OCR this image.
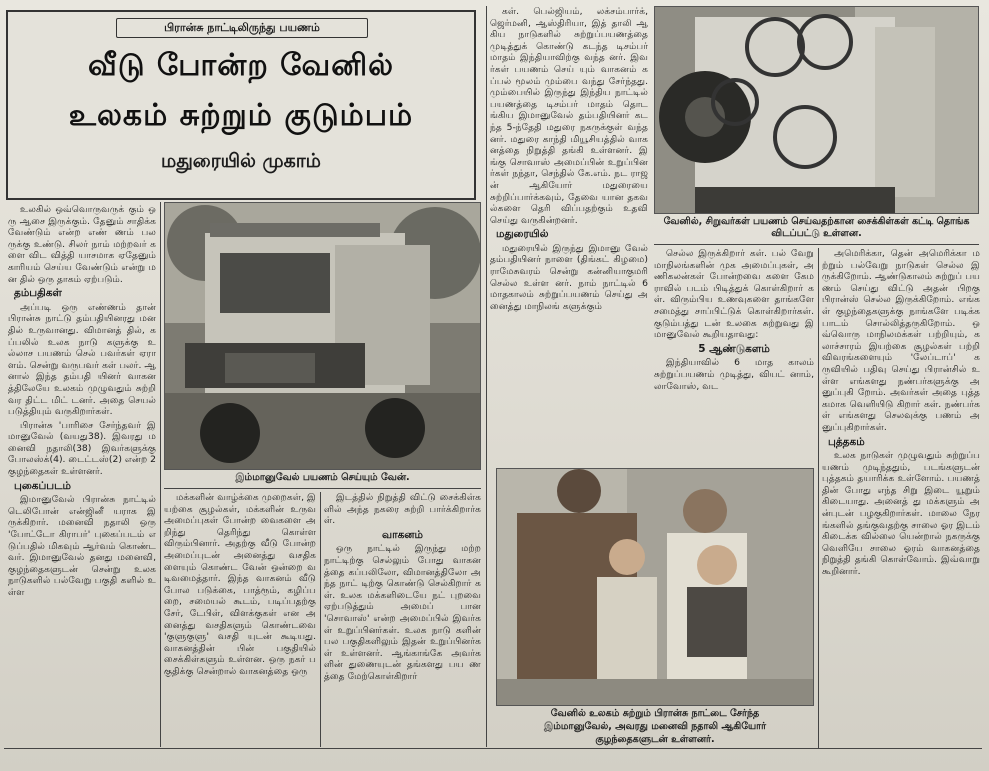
பிரான்சு நாட்டிலிருந்து பயணம்
வீடு போன்ற வேனில்
உலகம் சுற்றும் குடும்பம்
மதுரையில் முகாம்

உலகில் ஒவ்வொருவருக் கும் ஒரு ஆசை இருக்கும். தேனும் சாதிக்க வேண்டும் என்ற எண் ணம் பலருக்கு உண்டு. சிலர் நாம் மற்றவர் களை விட வித்தி யாசமாக ஏதேனும் காரியம் செய்ய வேண்டும் என்று மன தில் ஒரு தாகம் ஏற்படும்.

தம்பதிகள்

அப்படி ஒரு எண்ணம் தான் பிரான்சு நாட்டு தம்பதியினரது மனதில் உருவானது. விமானத் தில், கப்பலில் உலக நாடு களுக்கு உல்லாச பயணம் செல் பவர்கள் ஏரா ளம். சென்று வருபவர் கள் பலர். ஆனால் இந்த தம்பதி யினர் வாகனத்திலேயே உலகம் முழுவதும் சுற்றி வர திட்ட மிட் டனர். அதை செயல் படுத்தியும் வருகிறார்கள்.

பிரான்சு 'பாரிசை சேர்ந்தவர் இமானுவேல் (வயது38). இவரது மனைவி நதாலி(38) இவர்களுக்கு போலஸ்க்(4). டைட்டஸ்(2) என்ற 2 குழந்தைகள் உள்ளனர்.

புகைப்படம்

இமானுவேல் பிரான்சு நாட்டில் டெலிபோன் என்ஜினீ யராக இருக்கிறார். மனைவி நதாலி ஒரு 'போட்டோ கிராபர்' புகைப்படம் எடுப்பதில் மிகவும் ஆர்வம் கொண்ட வர். இமானுவேல் தனது மனைவி, குழந்தைகளுடன் சென்று உலக நாடுகளில் பல்வேறு பகுதி களில் உள்ள

இம்மானுவேல் பயணம் செய்யும் வேன்.

மக்களின் வாழ்க்கை முறைகள், இயற்கை சூழல்கள், மக்களின் உருவ அமைப்புகள் போன்ற வைகளை அறிந்து தெரிந்து கொள்ள விரும்பினார். அதற்கு வீடு போன்ற அமைப்புடன் அனைத்து வசதிகளையும் கொண்ட வேன் ஒன்றை வடிவமைத்தார். இந்த வாகனம் வீடு போல படுக்கை, பாத்ரூம், கழிப்பறை, சமையல் கூடம், படிப்பதற்கு சேர், டேபிள், விளக்குகள் என அனைத்து வசதிகளும் கொண்டவை 'குளுகுளு' வசதி யுடன் கூடியது. வாகனத்தின் பின் பகுதியில் சைக்கிள்களும் உள்ளன. ஒரு நகர் பகுதிக்கு சென்றால் வாகனத்தை ஒரு

இடத்தில் நிறுத்தி விட்டு சைக்கிள்களில் அந்த நகரை சுற்றி பார்க்கிறார்கள்.

வாகனம்

ஒரு நாட்டில் இருந்து மற்ற நாட்டிற்கு செல்லும் போது வாகனத்தை கப்பலிலோ, விமானத்திலோ அந்த நாட் டிற்கு கொண்டு செல்கிறார் கள். உலக மக்களிடையே நட் புறவை ஏற்படுத்தும் அமைப் பான 'சொவாஸ்' என்ற அமைப்பில் இவர்கள் உறுப்பினர்கள். உலக நாடு களின் பல பகுதிகளிலும் இதன் உறுப்பினர்கள் உள்ளனர். ஆங்காங்கே அவர்களின் துணையுடன் தங்களது பய ணத்தை மேற்கொள்கிறார்

கள். பெல்ஜியம், லக்சம்பார்க், ஜெர்மனி, ஆஸ்திரியா, இத் தாலி ஆகிய நாடுகளில் சுற்றுப்பயணத்தை முடித்துக் கொண்டு கடந்த டிசம்பர் மாதம் இந்தியாவிற்கு வந்த னர். இவர்கள் பயணம் செய் யும் வாகனம் கப்பல் மூலம் மும்பை வந்து சேர்ந்தது. மும்பையில் இருந்து இந்திய நாட்டில் பயணத்தை டிசம்பர் மாதம் தொடங்கிய இமானுவேல் தம்பதியினர் கடந்த 5-ந்தேதி மதுரை நகருக்குள் வந்தனர். மதுரை காந்தி மியூசியத்தில் வாகனத்தை நிறுத்தி தங்கி உள்ளனர். இங்கு சொவாஸ் அமைப்பின் உறுப்பினர்கள் நந்தா, செந்தில் கே.எம். நட ராஜன் ஆகியோர் மதுரையை சுற்றிப்பார்க்கவும், தேவை யான தகவல்களை தெரி விப்பதற்கும் உதவி செய்து வருகின்றனர்.

மதுரையில்

மதுரையில் இருந்து இமானு வேல் தம்பதியினர் நாளை (திங்கட் கிழமை) ராமேசுவரம் சென்று கன்னியாகுமரி செல்ல உள்ள னர். நாம் நாட்டில் 6 மாதகாலம் சுற்றுப்பயணம் செய்து அனைத்து மாநிலங் களுக்கும்

வேனில், சிறுவர்கள் பயணம் செய்வதற்கான சைக்கிள்கள் கட்டி தொங்க விடப்பட்டு உள்ளன.

செல்ல இருக்கிறார் கள். பல் வேறு மாநிலங்களின் முக அமைப்புகள், அணிகலன்கள் போன்றவை களை கேமராவில் படம் பிடித்துக் கொள்கிறார் கள். விரும்பிய உணவுகளை தாங்களே சமைத்து சாப்பிட்டுக் கொள்கிறார்கள். குடும்பத்து டன் உலகை சுற்றுவது இமானுவேல் கூறியதாவது:

5 ஆண்டுகளம்

இந்தியாவில் 6 மாத காலம் சுற்றுப்பயணம் முடித்து, வியட் னாம், லாவோஸ், வட

அமெரிக்கா, தென் அமெரிக்கா மற்றும் பல்வேறு நாடுகள் செல்ல இருக்கிறோம். ஆண்டுகாலம் சுற்றுப் பயணம் செய்து விட்டு அதன் பிறகு பிரான்ஸ் செல்ல இருக்கிறோம். எங்கள் குழந்தைகளுக்கு நாங்களே படிக்க பாடம் சொல்லித்தருகிறோம். ஒவ்வொரு மாநிலமக்கள் பற்றியும், கலாச்சாரம் இயற்கை சூழல்கள் பற்றி விவரங்களையும் 'லேப்டாப்' கருவியில் பதிவு செய்து பிரான்சில் உள்ள எங்களது நண்பர்களுக்கு அனுப்புகி றோம். அவர்கள் அதை புத்தகமாக வெளியிடு கிறார் கள். நண்பர்கள் எங்களது செலவுக்கு பணம் அனுப்புகிறார்கள்.

புத்தகம்

உலக நாடுகள் முழுவதும் சுற்றுப்பயணம் முடிந்ததும், படங்களுடன் புத்தகம் தயாரிக்க உள்ளோம். பயணத் தின் போது எந்த சிறு இடை யூறும் கிடையாது. அனைத் து மக்களும் அன்புடன் பழகுகிறார்கள். மாலை நேரங்களில் தங்குவதற்கு சாலை ஓர இடம் கிடைக்க வில்லை யென்றால் நகருக்கு வெளியே சாலை ஓரம் வாகனத்தை நிறுத்தி தங்கி கொள்வோம். இவ்வாறு கூறினார்.

வேனில் உலகம் சுற்றும் பிரான்சு நாட்டை சேர்ந்த
இம்மானுவேல், அவரது மனைவி நதாலி ஆகியோர்
குழந்தைகளுடன் உள்ளனர்.
